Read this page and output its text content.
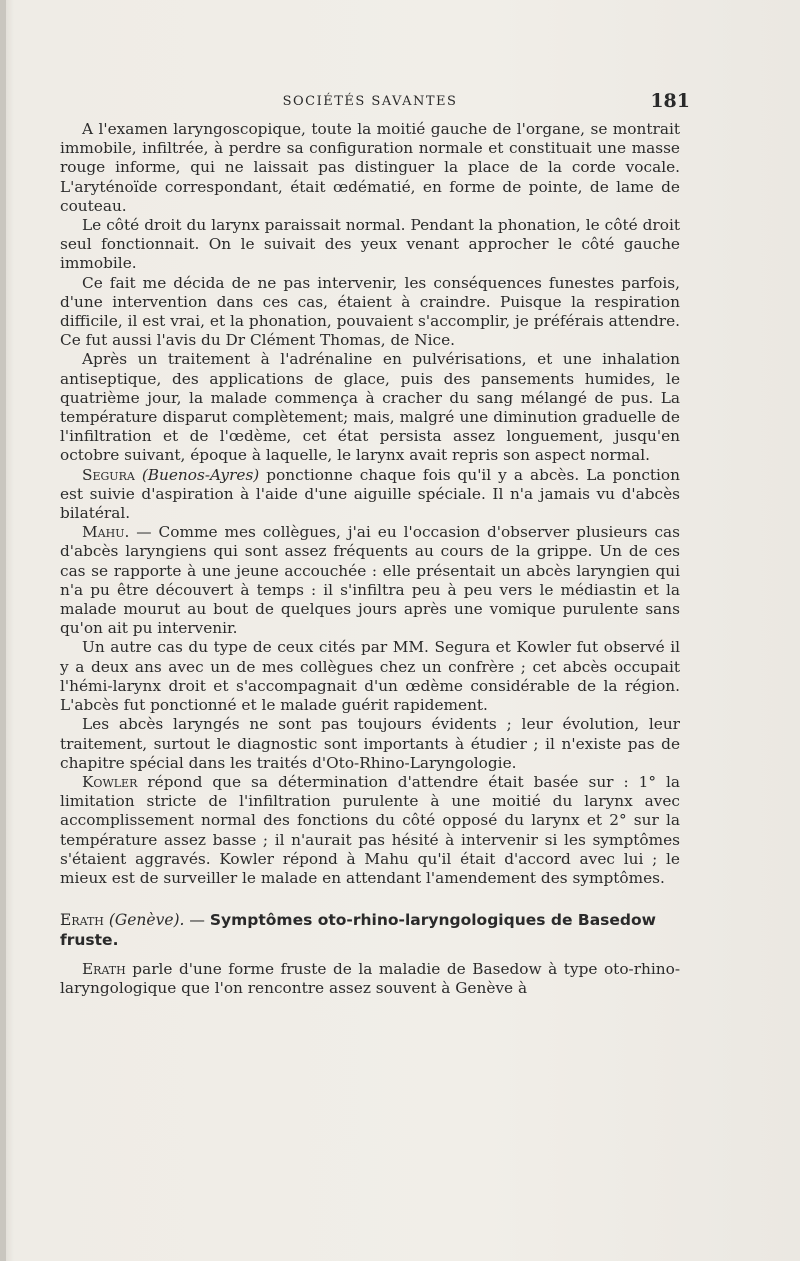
SOCIÉTÉS SAVANTES	181

A l'examen laryngoscopique, toute la moitié gauche de l'organe, se montrait immobile, infiltrée, à perdre sa configuration normale et constituait une masse rouge informe, qui ne laissait pas distinguer la place de la corde vocale. L'aryténoïde correspondant, était œdématié, en forme de pointe, de lame de couteau.

Le côté droit du larynx paraissait normal. Pendant la phonation, le côté droit seul fonctionnait. On le suivait des yeux venant approcher le côté gauche immobile.

Ce fait me décida de ne pas intervenir, les conséquences funestes parfois, d'une intervention dans ces cas, étaient à craindre. Puisque la respiration difficile, il est vrai, et la phonation, pouvaient s'accomplir, je préférais attendre. Ce fut aussi l'avis du Dr Clément Thomas, de Nice.

Après un traitement à l'adrénaline en pulvérisations, et une inhalation antiseptique, des applications de glace, puis des pansements humides, le quatrième jour, la malade commença à cracher du sang mélangé de pus. La température disparut complètement; mais, malgré une diminution graduelle de l'infiltration et de l'œdème, cet état persista assez longuement, jusqu'en octobre suivant, époque à laquelle, le larynx avait repris son aspect normal.

Segura (Buenos-Ayres) ponctionne chaque fois qu'il y a abcès. La ponction est suivie d'aspiration à l'aide d'une aiguille spéciale. Il n'a jamais vu d'abcès bilatéral.

Mahu. — Comme mes collègues, j'ai eu l'occasion d'observer plusieurs cas d'abcès laryngiens qui sont assez fréquents au cours de la grippe. Un de ces cas se rapporte à une jeune accouchée : elle présentait un abcès laryngien qui n'a pu être découvert à temps : il s'infiltra peu à peu vers le médiastin et la malade mourut au bout de quelques jours après une vomique purulente sans qu'on ait pu intervenir.

Un autre cas du type de ceux cités par MM. Segura et Kowler fut observé il y a deux ans avec un de mes collègues chez un confrère ; cet abcès occupait l'hémi-larynx droit et s'accompagnait d'un œdème considérable de la région. L'abcès fut ponctionné et le malade guérit rapidement.

Les abcès laryngés ne sont pas toujours évidents ; leur évolution, leur traitement, surtout le diagnostic sont importants à étudier ; il n'existe pas de chapitre spécial dans les traités d'Oto-Rhino-Laryngologie.

Kowler répond que sa détermination d'attendre était basée sur : 1° la limitation stricte de l'infiltration purulente à une moitié du larynx avec accomplissement normal des fonctions du côté opposé du larynx et 2° sur la température assez basse ; il n'aurait pas hésité à intervenir si les symptômes s'étaient aggravés. Kowler répond à Mahu qu'il était d'accord avec lui ; le mieux est de surveiller le malade en attendant l'amendement des symptômes.

Erath (Genève). — Symptômes oto-rhino-laryngologiques de Basedow fruste.

Erath parle d'une forme fruste de la maladie de Basedow à type oto-rhino-laryngologique que l'on rencontre assez souvent à Genève à
